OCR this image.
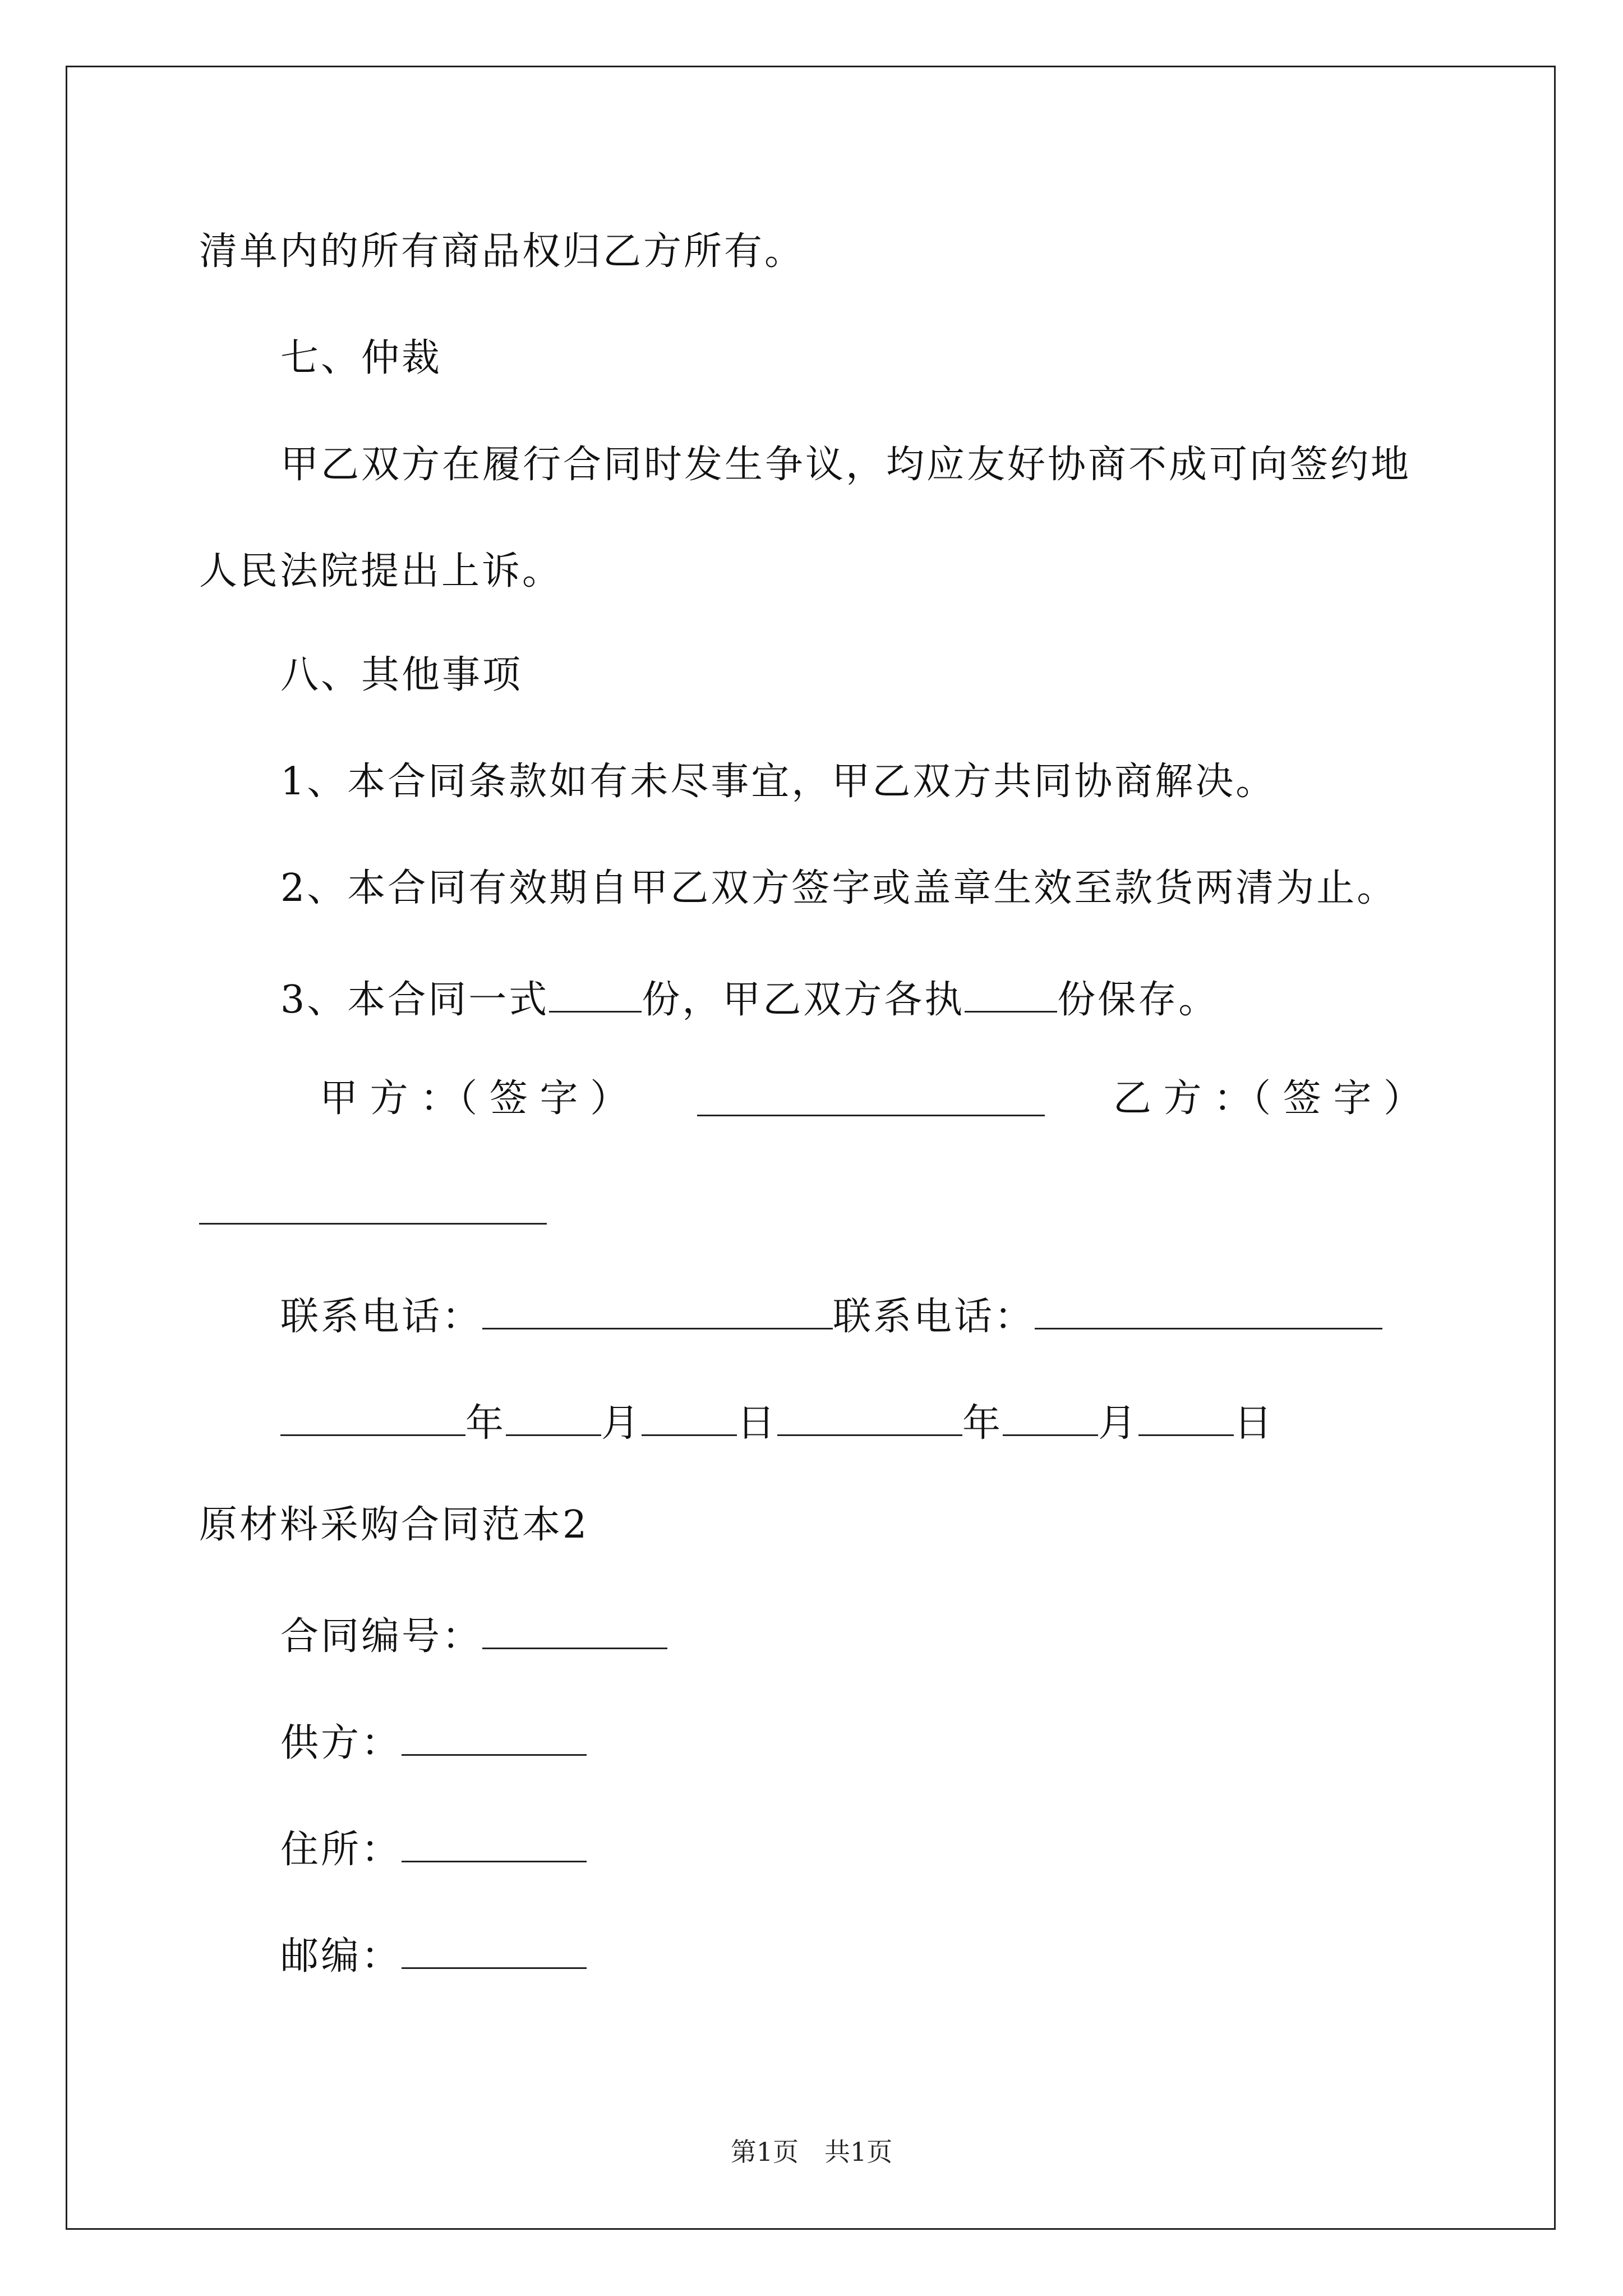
清单内的所有商品权归乙方所有。
七、仲裁
甲乙双方在履行合同时发生争议，均应友好协商不成可向签约地
人民法院提出上诉。
八、其他事项
1、本合同条款如有未尽事宜，甲乙双方共同协商解决。
2、本合同有效期自甲乙双方签字或盖章生效至款货两清为止。
3、本合同一式 份，甲乙双方各执 份保存。
甲 方 ：（ 签 字 ）	乙 方 ：（ 签 字 ）
联系电话：	联系电话：
年	月	日	年	月	日
原材料采购合同范本2
合同编号：
供方：
住所：
邮编：
第1页　共1页
